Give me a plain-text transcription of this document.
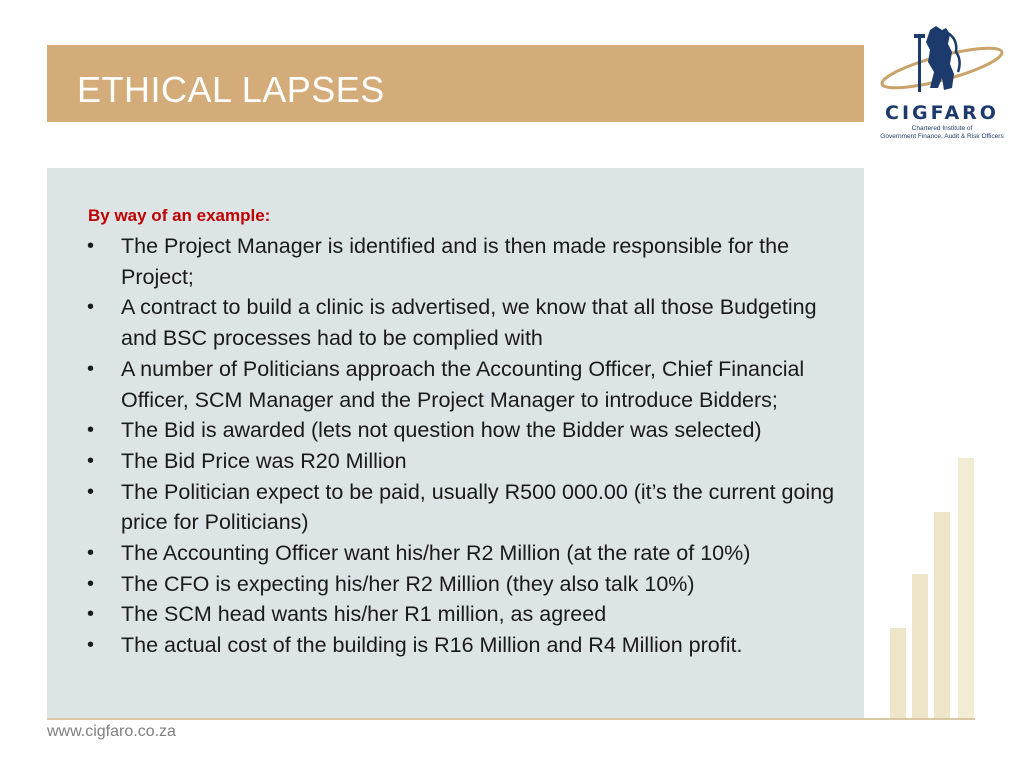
ETHICAL LAPSES
CIGFARO
Chartered Institute of
Government Finance, Audit & Risk Officers
By way of an example:
• The Project Manager is identified and is then made responsible for the Project;
• A contract to build a clinic is advertised, we know that all those Budgeting and BSC processes had to be complied with
• A number of Politicians approach the Accounting Officer, Chief Financial Officer, SCM Manager and the Project Manager to introduce Bidders;
• The Bid is awarded (lets not question how the Bidder was selected)
• The Bid Price was R20 Million
• The Politician expect to be paid, usually R500 000.00 (it’s the current going price for Politicians)
• The Accounting Officer want his/her R2 Million (at the rate of 10%)
• The CFO is expecting his/her R2 Million (they also talk 10%)
• The SCM head wants his/her R1 million, as agreed
• The actual cost of the building is R16 Million and R4 Million profit.
www.cigfaro.co.za
